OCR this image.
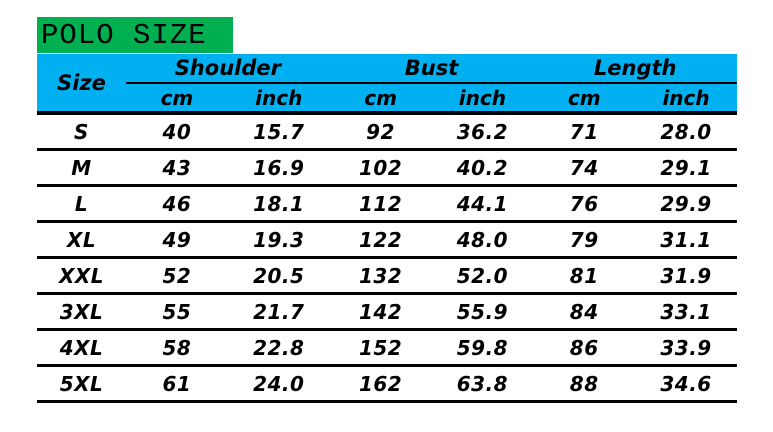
POLO SIZE
Size
Shoulder	Bust	Length
cm	inch	cm	inch	cm	inch
S	40	15.7	92	36.2	71	28.0
M	43	16.9	102	40.2	74	29.1
L	46	18.1	112	44.1	76	29.9
XL	49	19.3	122	48.0	79	31.1
XXL	52	20.5	132	52.0	81	31.9
3XL	55	21.7	142	55.9	84	33.1
4XL	58	22.8	152	59.8	86	33.9
5XL	61	24.0	162	63.8	88	34.6
